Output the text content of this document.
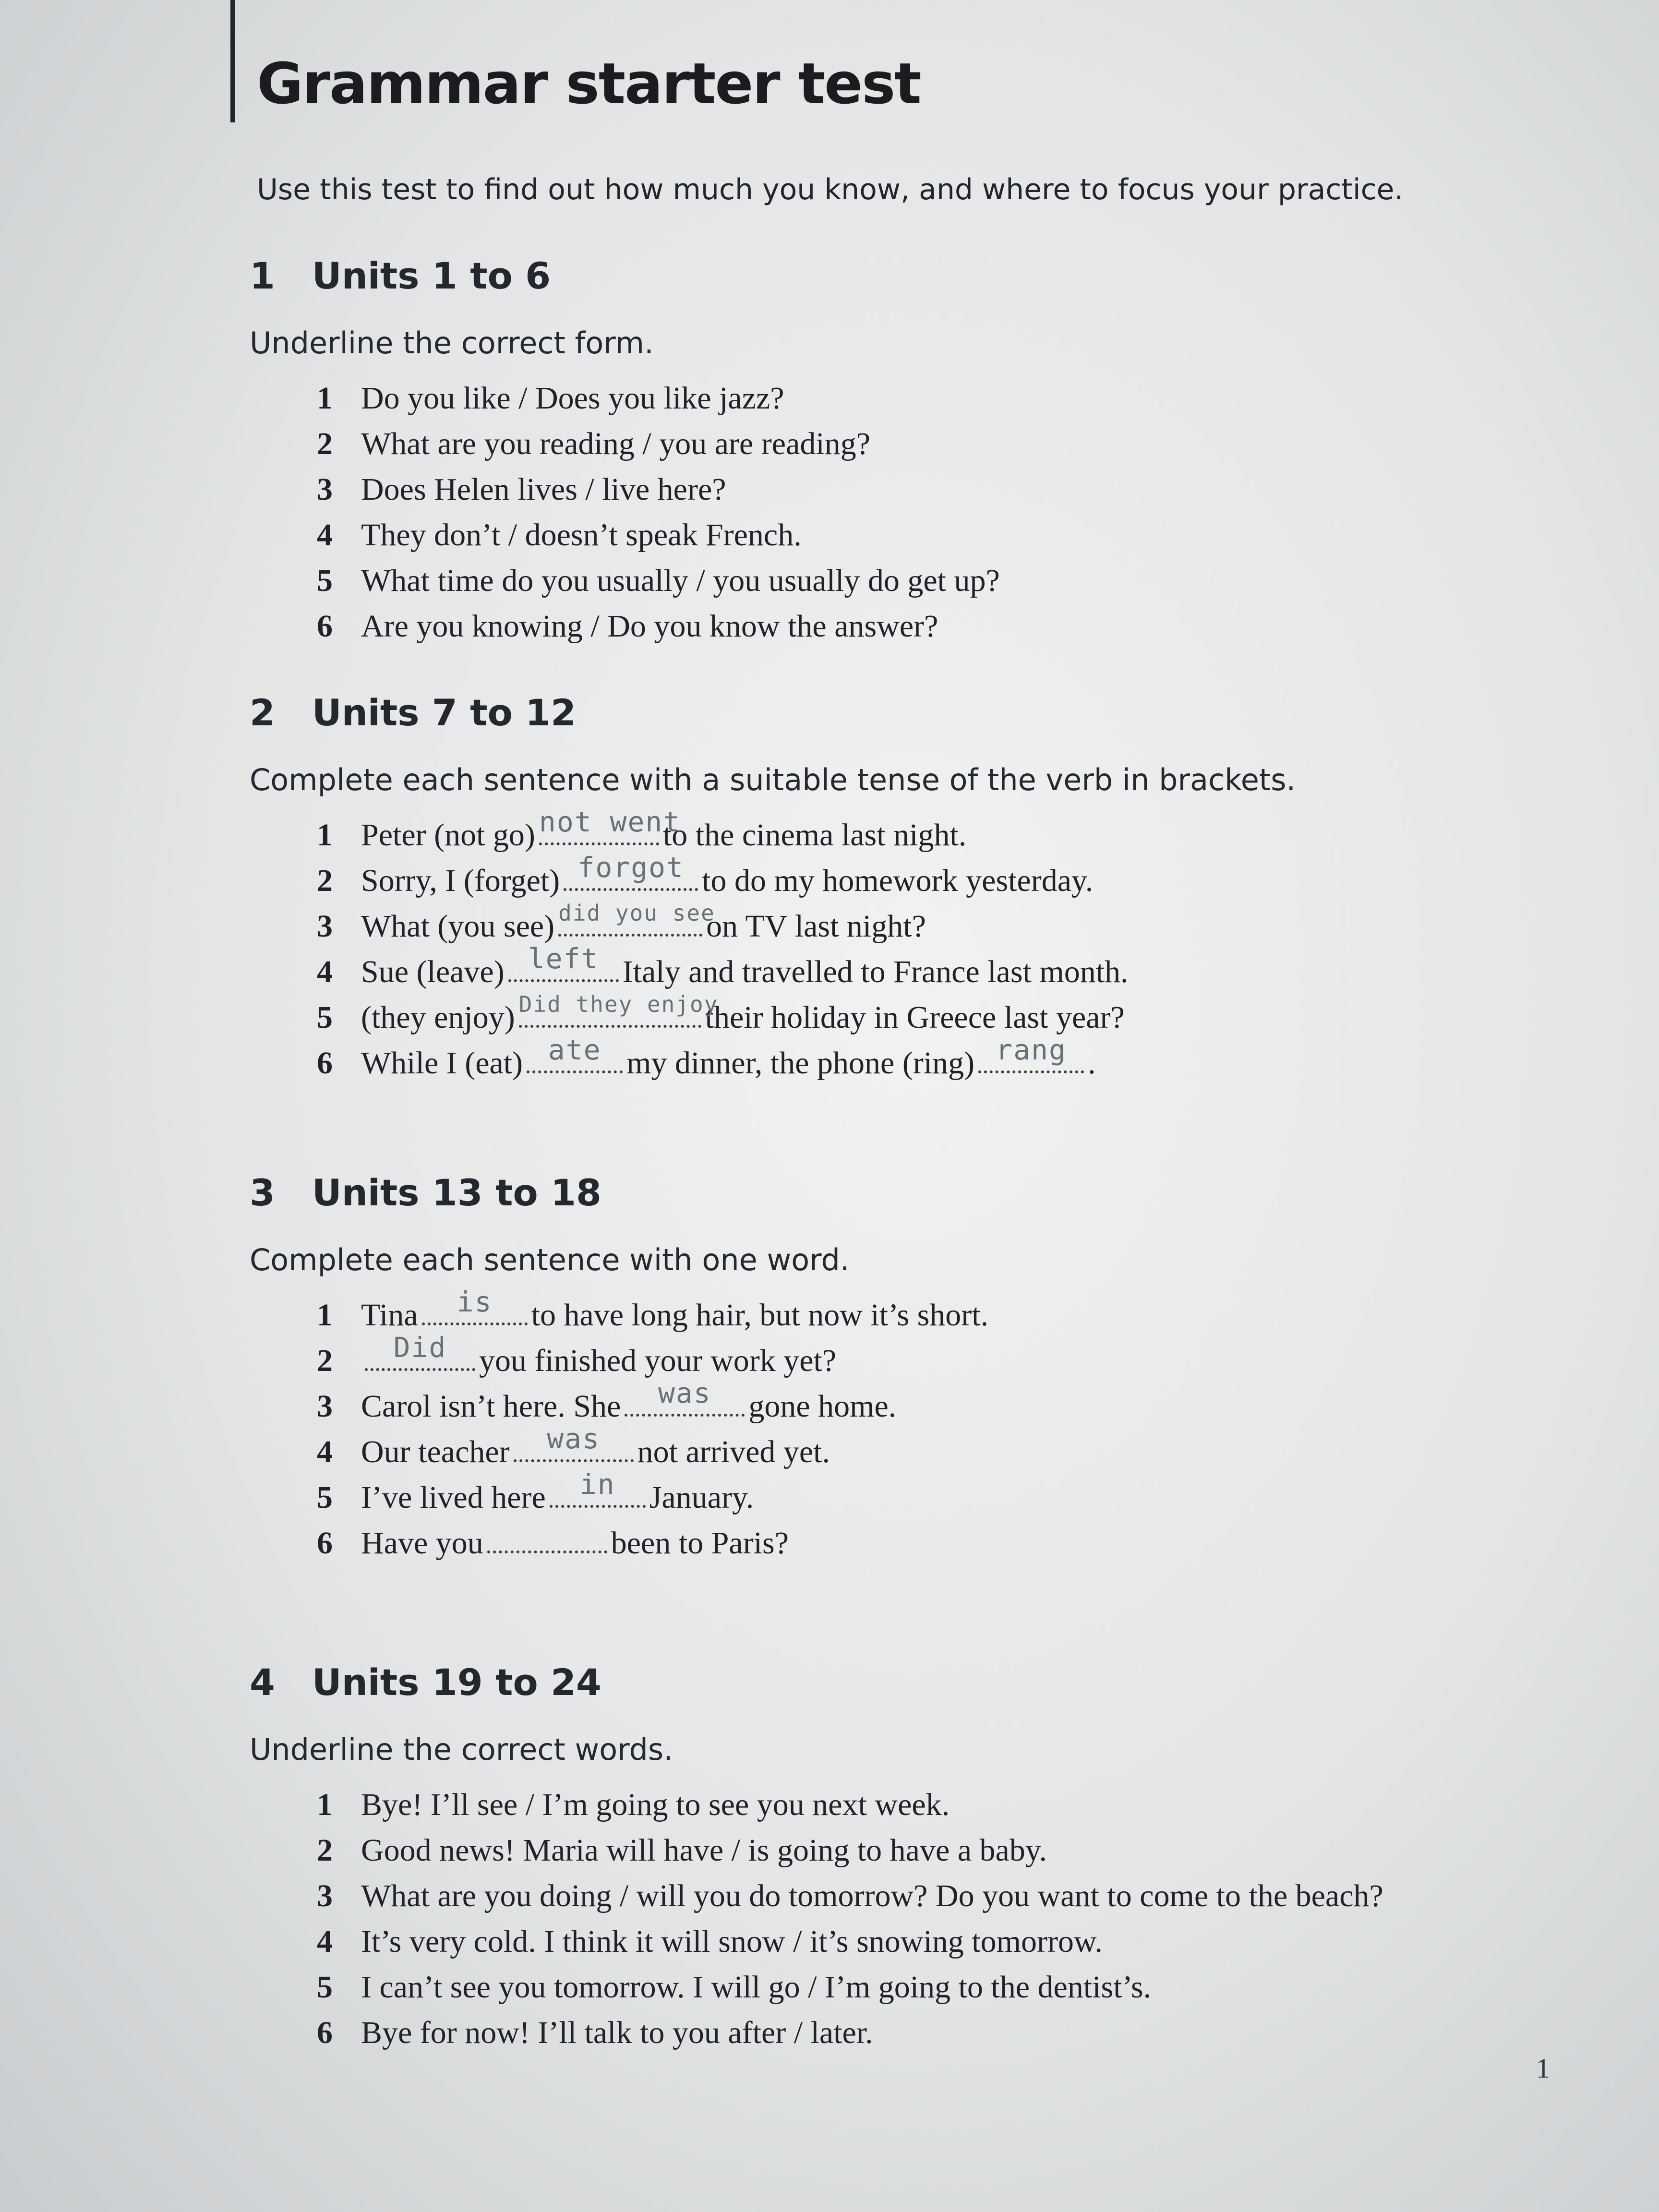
Grammar starter test
Use this test to find out how much you know, and where to focus your practice.
1 Units 1 to 6
Underline the correct form.
1 Do you like / Does you like jazz?
2 What are you reading / you are reading?
3 Does Helen lives / live here?
4 They don’t / doesn’t speak French.
5 What time do you usually / you usually do get up?
6 Are you knowing / Do you know the answer?
2 Units 7 to 12
Complete each sentence with a suitable tense of the verb in brackets.
1 Peter (not go) not went
to the cinema last night.
2 Sorry, I (forget) forgot to do my homework yesterday.
3 What (you see) did you see
on TV last night?
4 Sue (leave) left Italy and travelled to France last month.
5 (they enjoy) Did they enjoy
their holiday in Greece last year?
6 While I (eat) ate my dinner, the phone (ring) rang .
3 Units 13 to 18
Complete each sentence with one word.
1 Tina	is	to have long hair, but now it’s short.
2	Did	you finished your work yet?
3 Carol isn’t here. She	was	gone home.
4 Our teacher	was	not arrived yet.
5 I’ve lived here	in	January.
6 Have you	been to Paris?
4 Units 19 to 24
Underline the correct words.
1 Bye! I’ll see / I’m going to see you next week.
2 Good news! Maria will have / is going to have a baby.
3 What are you doing / will you do tomorrow? Do you want to come to the beach?
4 It’s very cold. I think it will snow / it’s snowing tomorrow.
5 I can’t see you tomorrow. I will go / I’m going to the dentist’s.
6 Bye for now! I’ll talk to you after / later.
1
